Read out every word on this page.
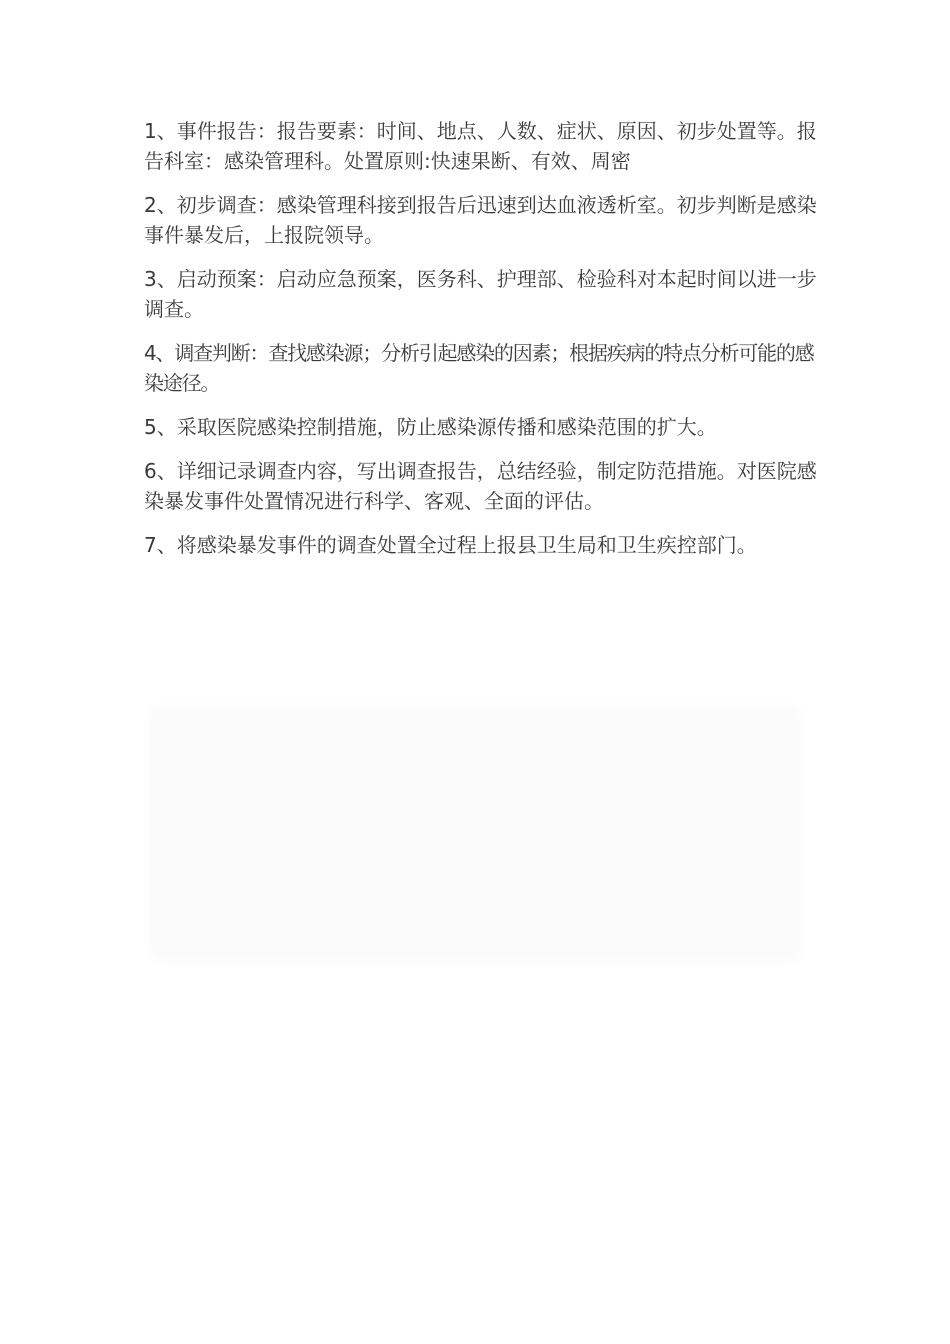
1、事件报告：报告要素：时间、地点、人数、症状、原因、初步处置等。报告科室：感染管理科。处置原则:快速果断、有效、周密

2、初步调查：感染管理科接到报告后迅速到达血液透析室。初步判断是感染事件暴发后，上报院领导。

3、启动预案：启动应急预案，医务科、护理部、检验科对本起时间以进一步调查。

4、调查判断：查找感染源；分析引起感染的因素；根据疾病的特点分析可能的感染途径。

5、采取医院感染控制措施，防止感染源传播和感染范围的扩大。

6、详细记录调查内容，写出调查报告，总结经验，制定防范措施。对医院感染暴发事件处置情况进行科学、客观、全面的评估。

7、将感染暴发事件的调查处置全过程上报县卫生局和卫生疾控部门。
